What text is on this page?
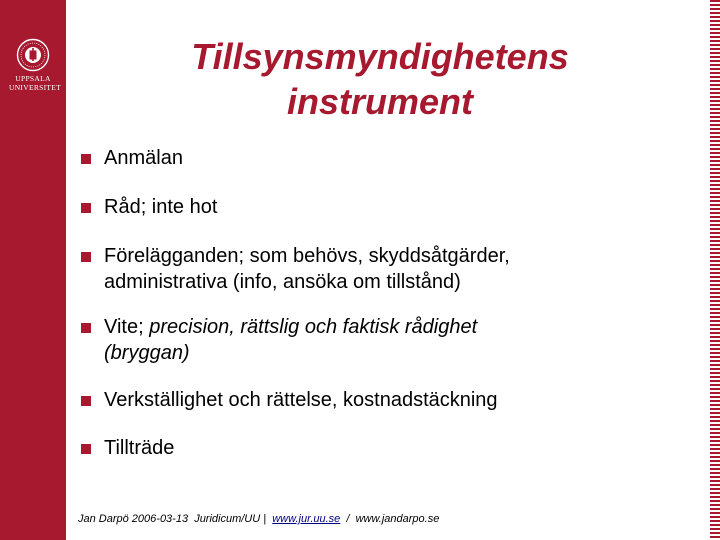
UPPSALA
UNIVERSITET
Tillsynsmyndighetens
instrument
Anmälan
Råd; inte hot
Förelägganden; som behövs, skyddsåtgärder,
administrativa (info, ansöka om tillstånd)
Vite; precision, rättslig och faktisk rådighet
(bryggan)
Verkställighet och rättelse, kostnadstäckning
Tillträde
Jan Darpö 2006-03-13  Juridicum/UU |  www.jur.uu.se  /  www.jandarpo.se
